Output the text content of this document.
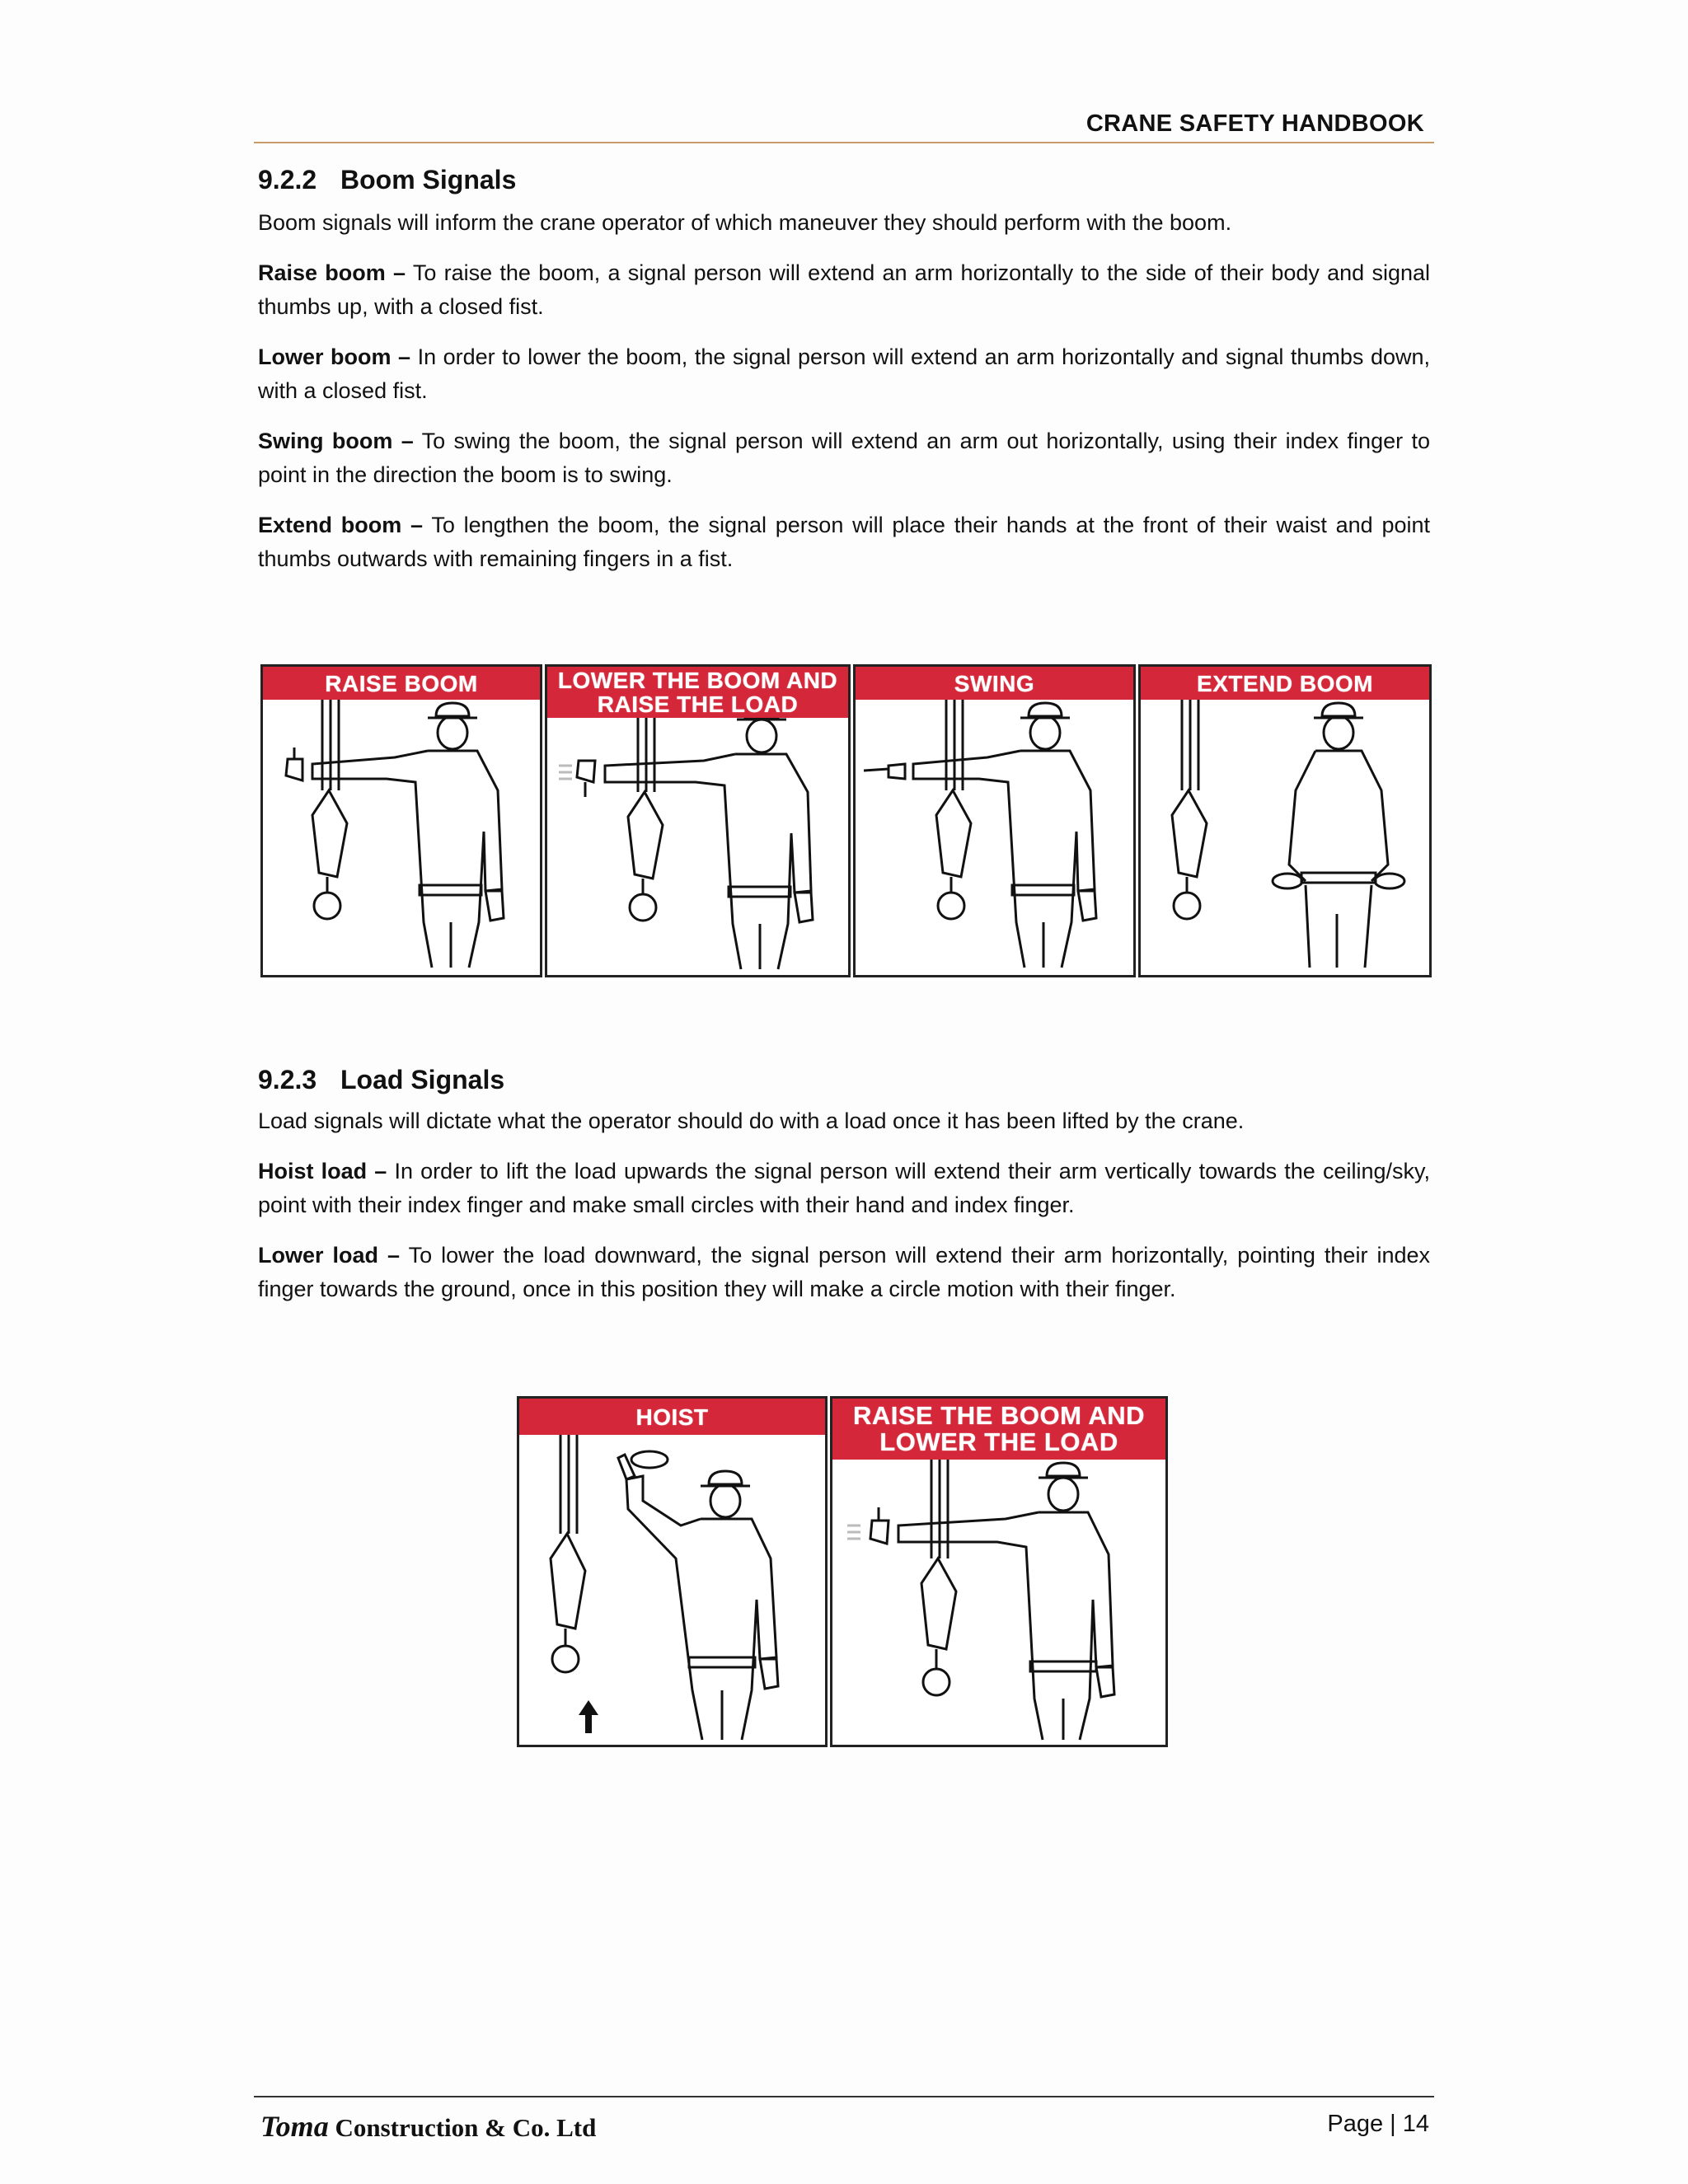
CRANE SAFETY HANDBOOK
9.2.2 Boom Signals

Boom signals will inform the crane operator of which maneuver they should perform with the boom.

Raise boom – To raise the boom, a signal person will extend an arm horizontally to the side of their body and signal thumbs up, with a closed fist.

Lower boom – In order to lower the boom, the signal person will extend an arm horizontally and signal thumbs down, with a closed fist.

Swing boom – To swing the boom, the signal person will extend an arm out horizontally, using their index finger to point in the direction the boom is to swing.

Extend boom – To lengthen the boom, the signal person will place their hands at the front of their waist and point thumbs outwards with remaining fingers in a fist.

RAISE BOOM	LOWER THE BOOM AND RAISE THE LOAD
SWING	EXTEND BOOM
9.2.3 Load Signals

Load signals will dictate what the operator should do with a load once it has been lifted by the crane.

Hoist load – In order to lift the load upwards the signal person will extend their arm vertically towards the ceiling/sky, point with their index finger and make small circles with their hand and index finger.

Lower load – To lower the load downward, the signal person will extend their arm horizontally, pointing their index finger towards the ground, once in this position they will make a circle motion with their finger.

HOIST	RAISE THE BOOM AND LOWER THE LOAD
Toma Construction & Co. Ltd	Page | 14
